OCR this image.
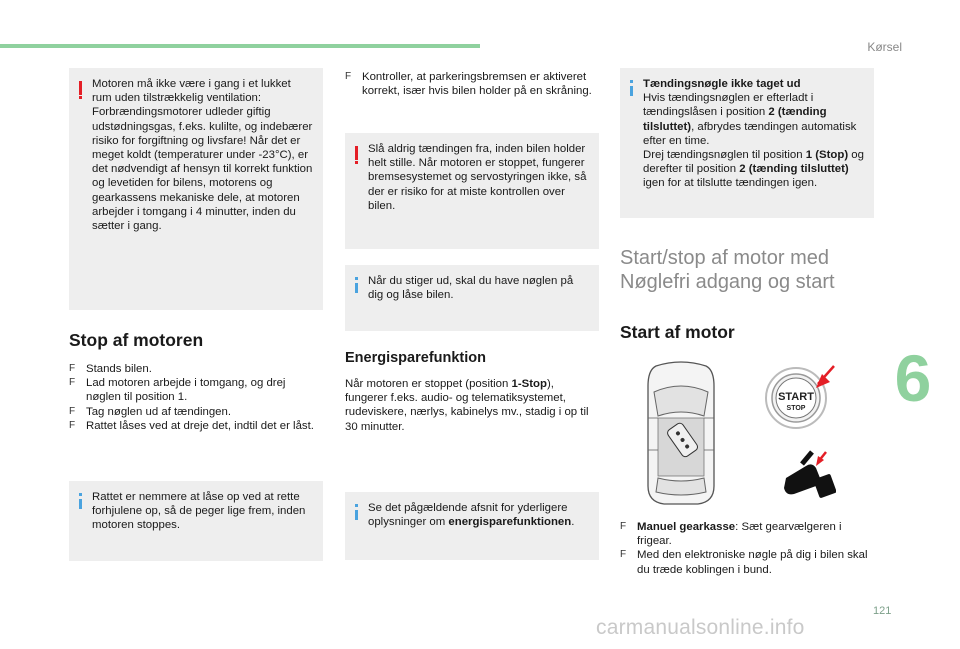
Kørsel
6
Motoren må ikke være i gang i et lukket rum uden tilstrækkelig ventilation: Forbrændingsmotorer udleder giftig udstødningsgas, f.eks. kulilte, og indebærer risiko for forgiftning og livsfare! Når det er meget koldt (temperaturer under -23°C), er det nødvendigt af hensyn til korrekt funktion og levetiden for bilens, motorens og gearkassens mekaniske dele, at motoren arbejder i tomgang i 4 minutter, inden du sætter i gang.
Stop af motoren
F Stands bilen.
F Lad motoren arbejde i tomgang, og drej nøglen til position 1.
F Tag nøglen ud af tændingen.
F Rattet låses ved at dreje det, indtil det er låst.
Rattet er nemmere at låse op ved at rette forhjulene op, så de peger lige frem, inden motoren stoppes.
F Kontroller, at parkeringsbremsen er aktiveret korrekt, især hvis bilen holder på en skråning.
Slå aldrig tændingen fra, inden bilen holder helt stille. Når motoren er stoppet, fungerer bremsesystemet og servostyringen ikke, så der er risiko for at miste kontrollen over bilen.
Når du stiger ud, skal du have nøglen på dig og låse bilen.
Energisparefunktion
Når motoren er stoppet (position 1-Stop), fungerer f.eks. audio- og telematiksystemet, rudeviskere, nærlys, kabinelys mv., stadig i op til 30 minutter.
Se det pågældende afsnit for yderligere oplysninger om energisparefunktionen.
Tændingsnøgle ikke taget ud
Hvis tændingsnøglen er efterladt i tændingslåsen i position 2 (tænding tilsluttet), afbrydes tændingen automatisk efter en time.
Drej tændingsnøglen til position 1 (Stop) og derefter til position 2 (tænding tilsluttet) igen for at tilslutte tændingen igen.
Start/stop af motor med
Nøglefri adgang og start
Start af motor
START
STOP
F Manuel gearkasse: Sæt gearvælgeren i frigear.
F Med den elektroniske nøgle på dig i bilen skal du træde koblingen i bund.
121
carmanualsonline.info
